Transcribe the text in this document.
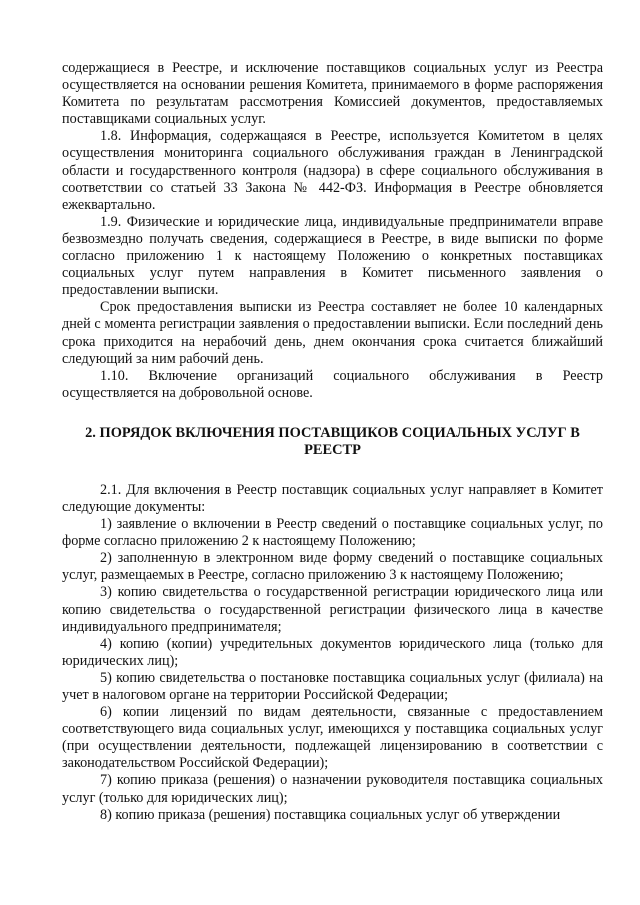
содержащиеся в Реестре, и исключение поставщиков социальных услуг из Реестра осуществляется на основании решения Комитета, принимаемого в форме распоряжения Комитета по результатам рассмотрения Комиссией документов, предоставляемых поставщиками социальных услуг.

1.8. Информация, содержащаяся в Реестре, используется Комитетом в целях осуществления мониторинга социального обслуживания граждан в Ленинградской области и государственного контроля (надзора) в сфере социального обслуживания в соответствии со статьей 33 Закона № 442-ФЗ. Информация в Реестре обновляется ежеквартально.

1.9. Физические и юридические лица, индивидуальные предприниматели вправе безвозмездно получать сведения, содержащиеся в Реестре, в виде выписки по форме согласно приложению 1 к настоящему Положению о конкретных поставщиках социальных услуг путем направления в Комитет письменного заявления о предоставлении выписки.

Срок предоставления выписки из Реестра составляет не более 10 календарных дней с момента регистрации заявления о предоставлении выписки. Если последний день срока приходится на нерабочий день, днем окончания срока считается ближайший следующий за ним рабочий день.

1.10. Включение организаций социального обслуживания в Реестр осуществляется на добровольной основе.

2. ПОРЯДОК ВКЛЮЧЕНИЯ ПОСТАВЩИКОВ СОЦИАЛЬНЫХ УСЛУГ В РЕЕСТР

2.1. Для включения в Реестр поставщик социальных услуг направляет в Комитет следующие документы:

1) заявление о включении в Реестр сведений о поставщике социальных услуг, по форме согласно приложению 2 к настоящему Положению;

2) заполненную в электронном виде форму сведений о поставщике социальных услуг, размещаемых в Реестре, согласно приложению 3 к настоящему Положению;

3) копию свидетельства о государственной регистрации юридического лица или копию свидетельства о государственной регистрации физического лица в качестве индивидуального предпринимателя;

4) копию (копии) учредительных документов юридического лица (только для юридических лиц);

5) копию свидетельства о постановке поставщика социальных услуг (филиала) на учет в налоговом органе на территории Российской Федерации;

6) копии лицензий по видам деятельности, связанные с предоставлением соответствующего вида социальных услуг, имеющихся у поставщика социальных услуг (при осуществлении деятельности, подлежащей лицензированию в соответствии с законодательством Российской Федерации);

7) копию приказа (решения) о назначении руководителя поставщика социальных услуг (только для юридических лиц);

8) копию приказа (решения) поставщика социальных услуг об утверждении
